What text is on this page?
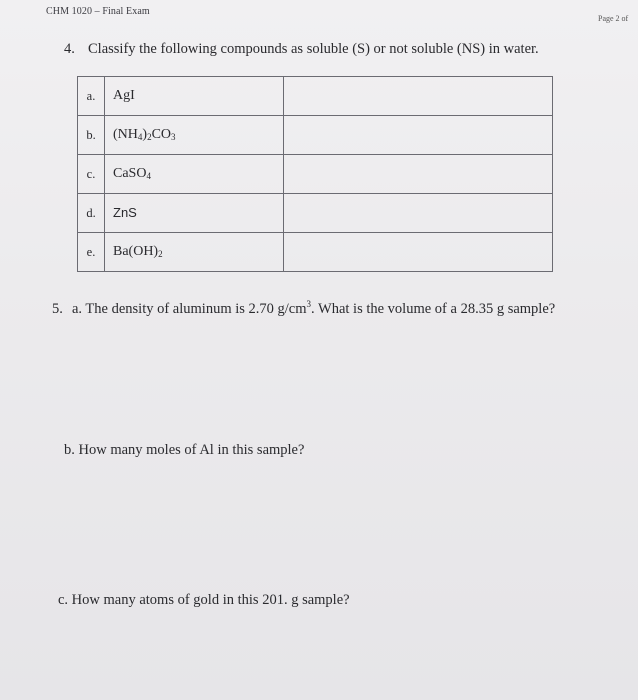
CHM 1020 – Final Exam
Page 2 of
4. Classify the following compounds as soluble (S) or not soluble (NS) in water.
a.	AgI	
b.	$(NH_4)_2CO_3$	
c.	CaSO$_4$	
d.	ZnS	
e.	$Ba(OH)_2$	
5. a. The density of aluminum is 2.70 $g/cm^3$. What is the volume of a 28.35 g sample?
b. How many moles of Al in this sample?
c. How many atoms of gold in this 201. g sample?
